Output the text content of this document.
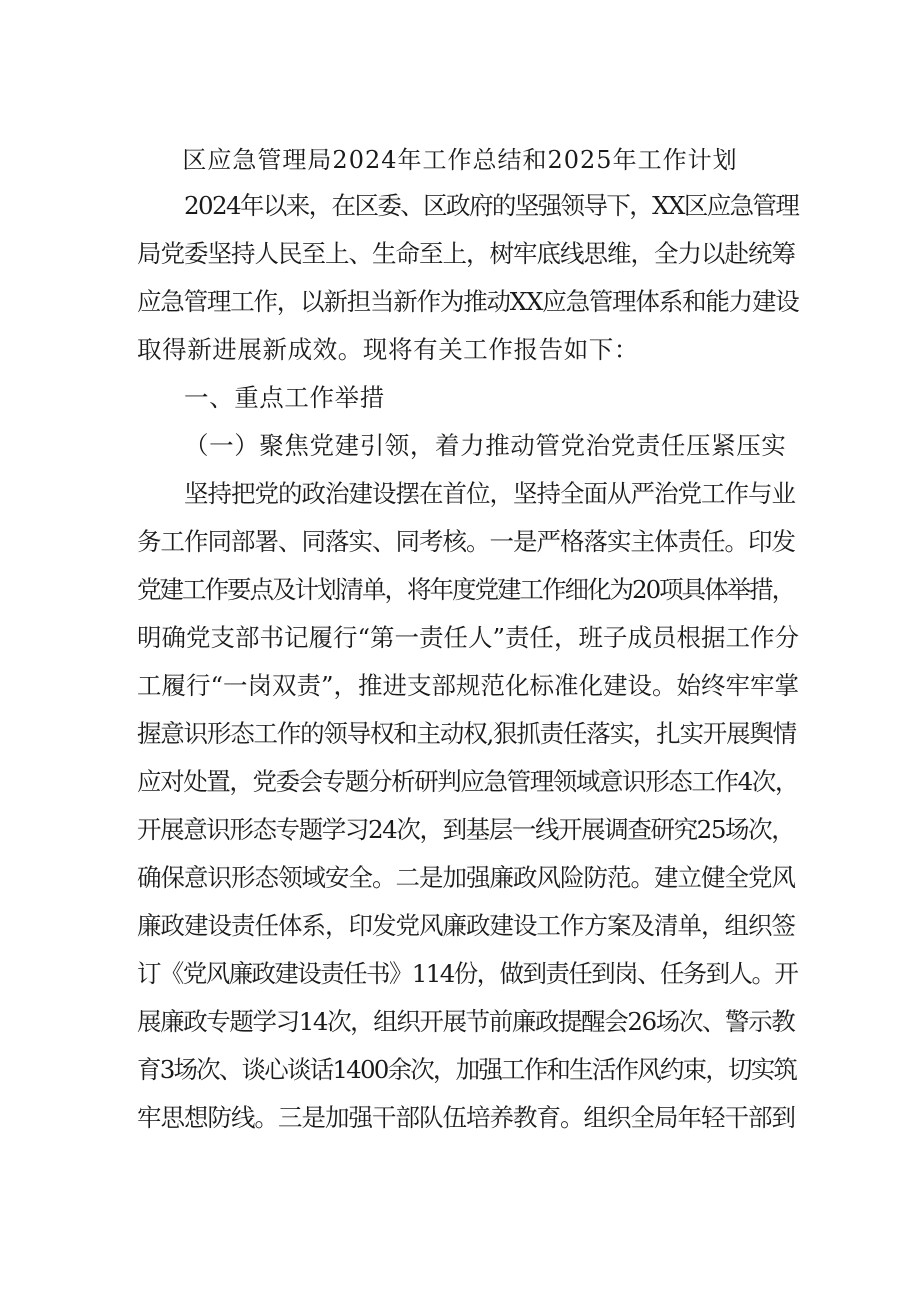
区应急管理局2024年工作总结和2025年工作计划
2024年以来，在区委、区政府的坚强领导下，XX区应急管理
局党委坚持人民至上、生命至上，树牢底线思维，全力以赴统筹
应急管理工作，以新担当新作为推动XX应急管理体系和能力建设
取得新进展新成效。现将有关工作报告如下：
一、重点工作举措
（一）聚焦党建引领，着力推动管党治党责任压紧压实
坚持把党的政治建设摆在首位，坚持全面从严治党工作与业
务工作同部署、同落实、同考核。一是严格落实主体责任。印发
党建工作要点及计划清单，将年度党建工作细化为20项具体举措，
明确党支部书记履行“第一责任人”责任，班子成员根据工作分
工履行“一岗双责”，推进支部规范化标准化建设。始终牢牢掌
握意识形态工作的领导权和主动权,狠抓责任落实，扎实开展舆情
应对处置，党委会专题分析研判应急管理领域意识形态工作4次，
开展意识形态专题学习24次，到基层一线开展调查研究25场次，
确保意识形态领域安全。二是加强廉政风险防范。建立健全党风
廉政建设责任体系，印发党风廉政建设工作方案及清单，组织签
订《党风廉政建设责任书》114份，做到责任到岗、任务到人。开
展廉政专题学习14次，组织开展节前廉政提醒会26场次、警示教
育3场次、谈心谈话1400余次，加强工作和生活作风约束，切实筑
牢思想防线。三是加强干部队伍培养教育。组织全局年轻干部到
